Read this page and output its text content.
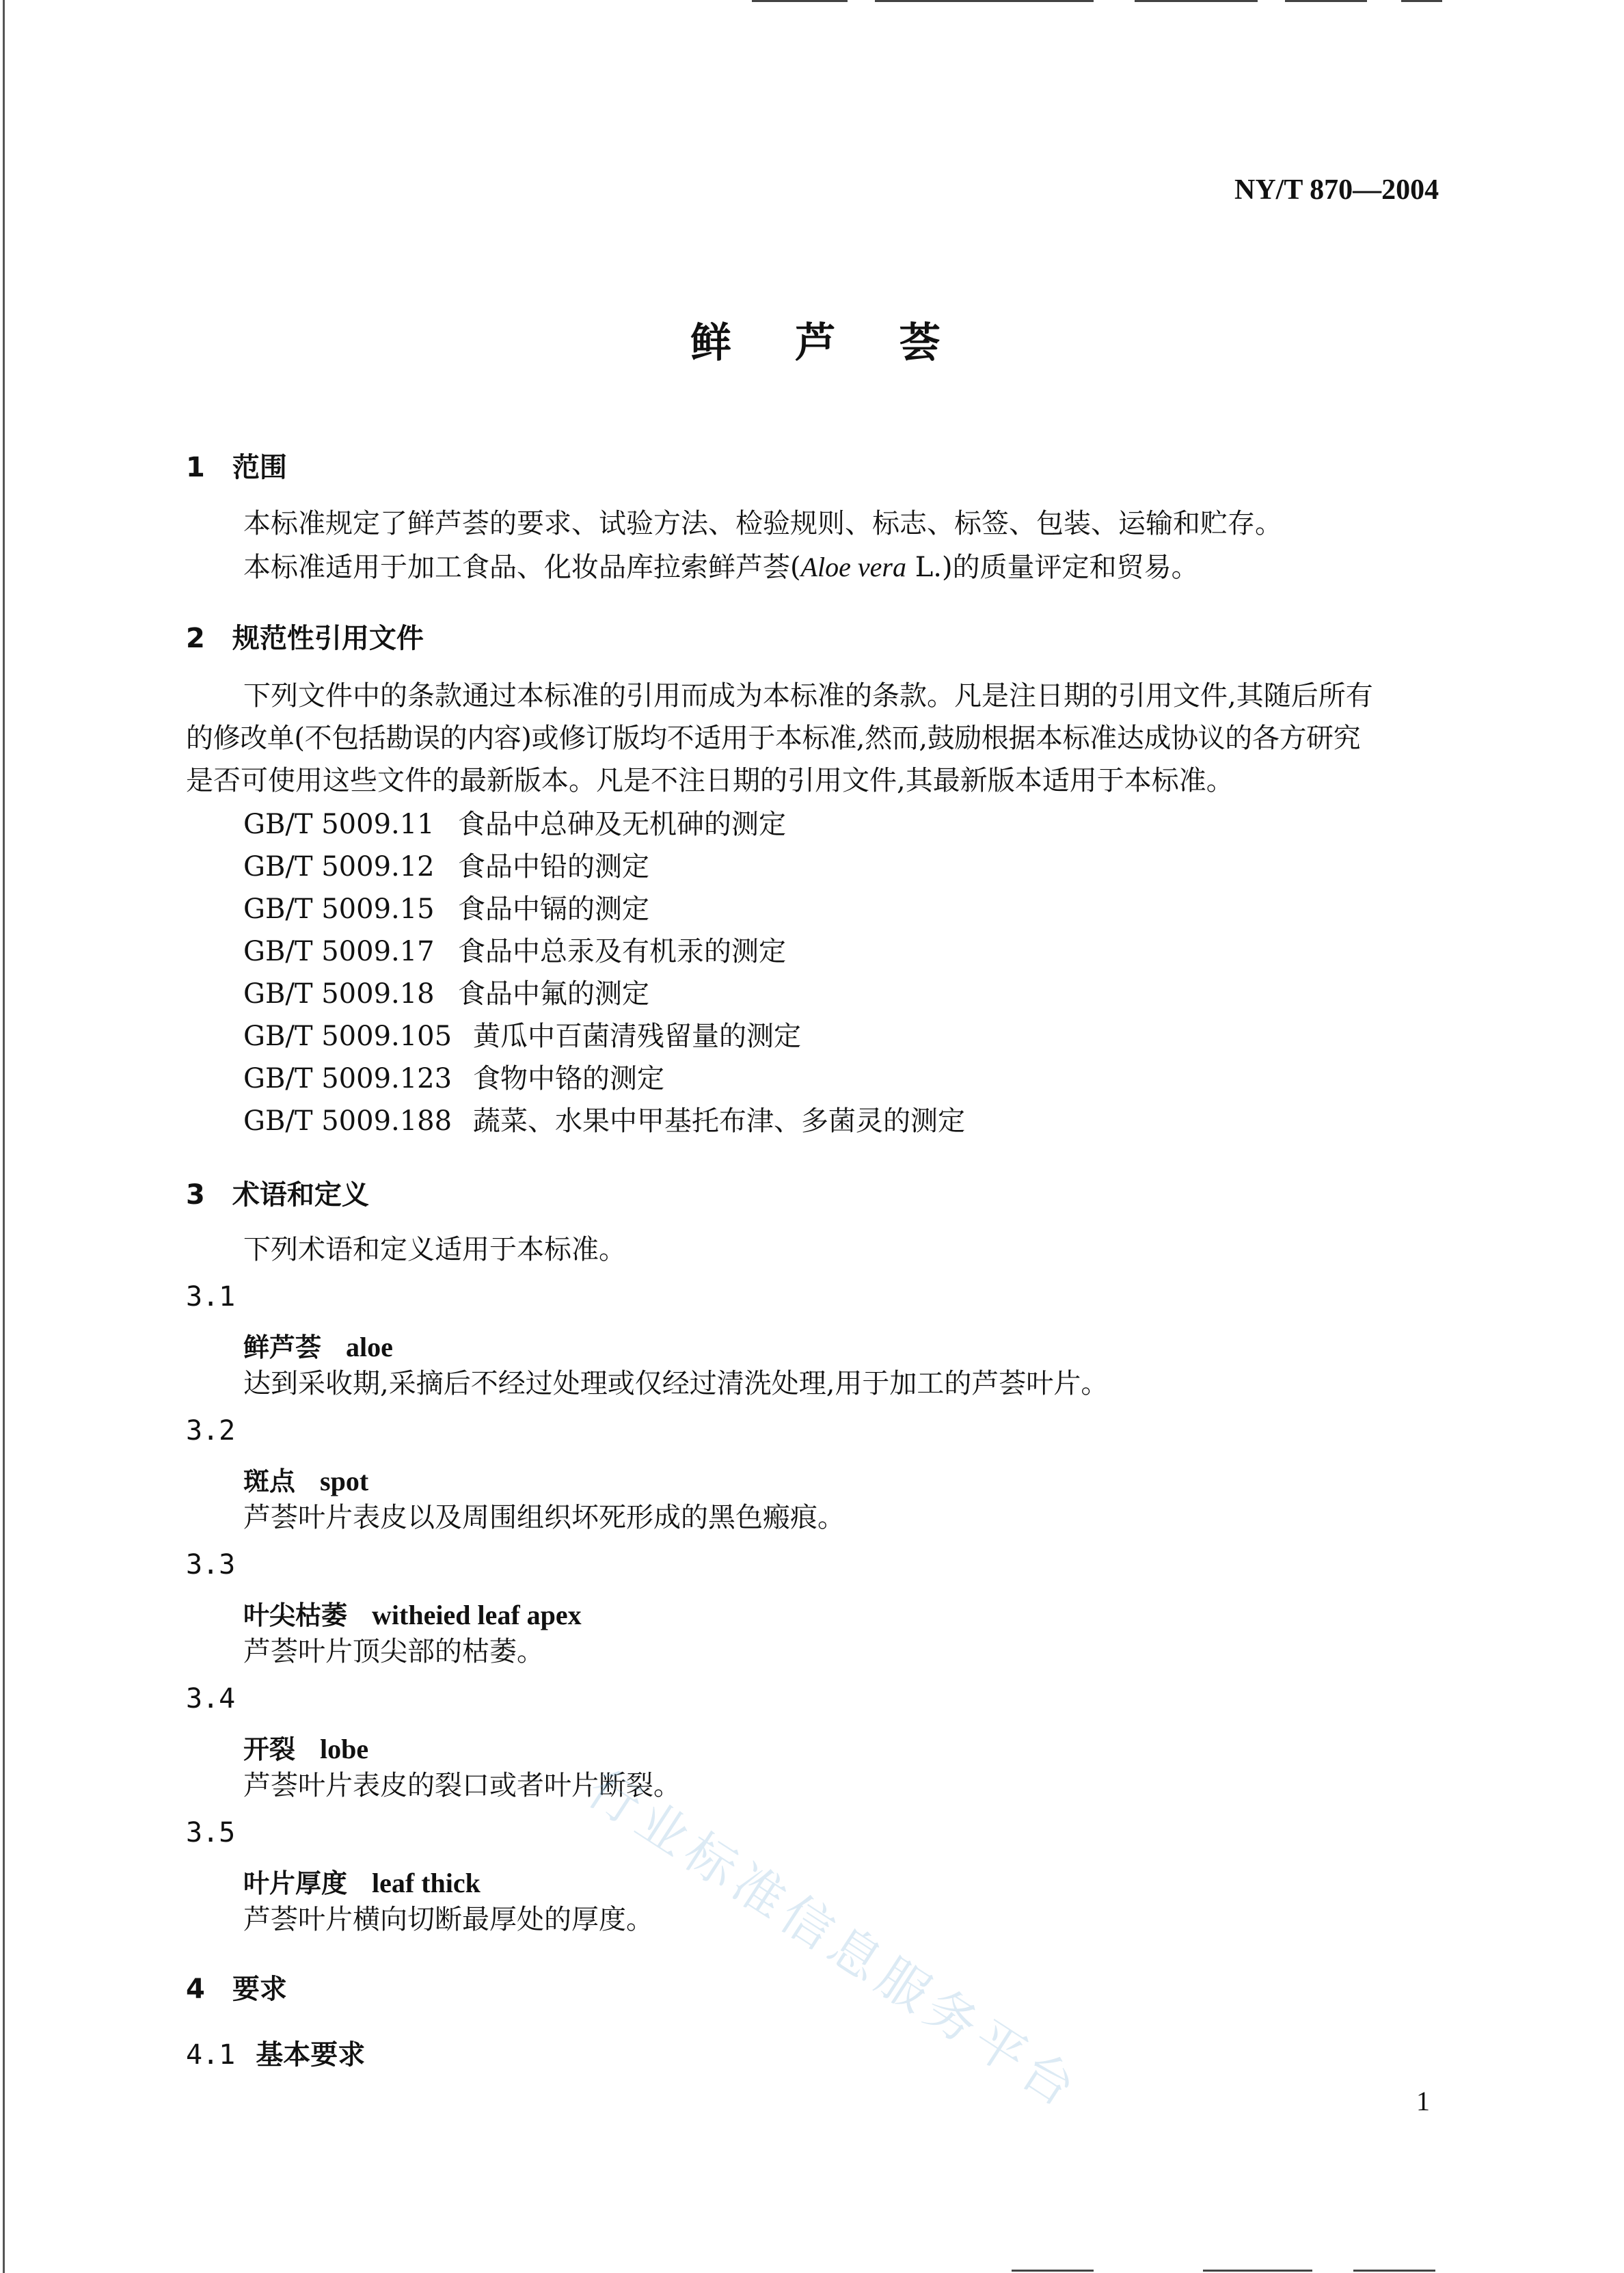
NY/T 870—2004
鲜 芦 荟
1 范围
本标准规定了鲜芦荟的要求、试验方法、检验规则、标志、标签、包装、运输和贮存。
本标准适用于加工食品、化妆品库拉索鲜芦荟(Aloe vera L.)的质量评定和贸易。
2 规范性引用文件
下列文件中的条款通过本标准的引用而成为本标准的条款。凡是注日期的引用文件,其随后所有
的修改单(不包括勘误的内容)或修订版均不适用于本标准,然而,鼓励根据本标准达成协议的各方研究
是否可使用这些文件的最新版本。凡是不注日期的引用文件,其最新版本适用于本标准。
GB/T 5009.11 食品中总砷及无机砷的测定
GB/T 5009.12 食品中铅的测定
GB/T 5009.15 食品中镉的测定
GB/T 5009.17 食品中总汞及有机汞的测定
GB/T 5009.18 食品中氟的测定
GB/T 5009.105 黄瓜中百菌清残留量的测定
GB/T 5009.123 食物中铬的测定
GB/T 5009.188 蔬菜、水果中甲基托布津、多菌灵的测定
3 术语和定义
下列术语和定义适用于本标准。
3.1
鲜芦荟 aloe
达到采收期,采摘后不经过处理或仅经过清洗处理,用于加工的芦荟叶片。
3.2
斑点 spot
芦荟叶片表皮以及周围组织坏死形成的黑色瘢痕。
3.3
叶尖枯萎 witheied leaf apex
芦荟叶片顶尖部的枯萎。
3.4
开裂 lobe
芦荟叶片表皮的裂口或者叶片断裂。
3.5
叶片厚度 leaf thick
芦荟叶片横向切断最厚处的厚度。
4 要求
4.1 基本要求	行业标准信息服务平台	1
